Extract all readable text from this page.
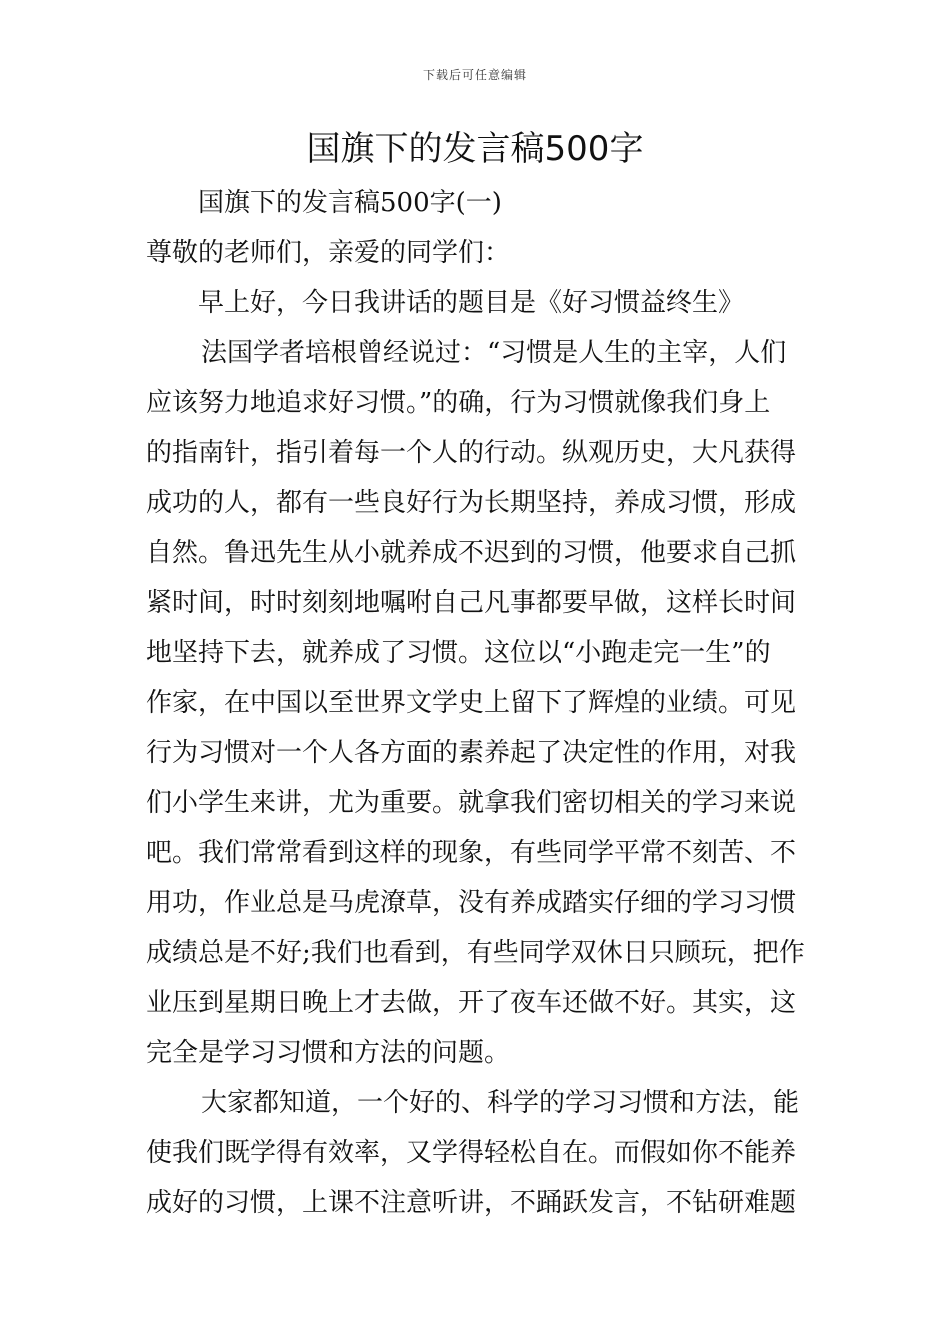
下载后可任意编辑
国旗下的发言稿500字
国旗下的发言稿500字(一)
尊敬的老师们，亲爱的同学们：
早上好，今日我讲话的题目是《好习惯益终生》
法国学者培根曾经说过：“习惯是人生的主宰，人们
应该努力地追求好习惯。”的确，行为习惯就像我们身上
的指南针，指引着每一个人的行动。纵观历史，大凡获得
成功的人，都有一些良好行为长期坚持，养成习惯，形成
自然。鲁迅先生从小就养成不迟到的习惯，他要求自己抓
紧时间，时时刻刻地嘱咐自己凡事都要早做，这样长时间
地坚持下去，就养成了习惯。这位以“小跑走完一生”的
作家，在中国以至世界文学史上留下了辉煌的业绩。可见
行为习惯对一个人各方面的素养起了决定性的作用，对我
们小学生来讲，尤为重要。就拿我们密切相关的学习来说
吧。我们常常看到这样的现象，有些同学平常不刻苦、不
用功，作业总是马虎潦草，没有养成踏实仔细的学习习惯
成绩总是不好;我们也看到，有些同学双休日只顾玩，把作
业压到星期日晚上才去做，开了夜车还做不好。其实，这
完全是学习习惯和方法的问题。
大家都知道，一个好的、科学的学习习惯和方法，能
使我们既学得有效率，又学得轻松自在。而假如你不能养
成好的习惯，上课不注意听讲，不踊跃发言，不钻研难题
